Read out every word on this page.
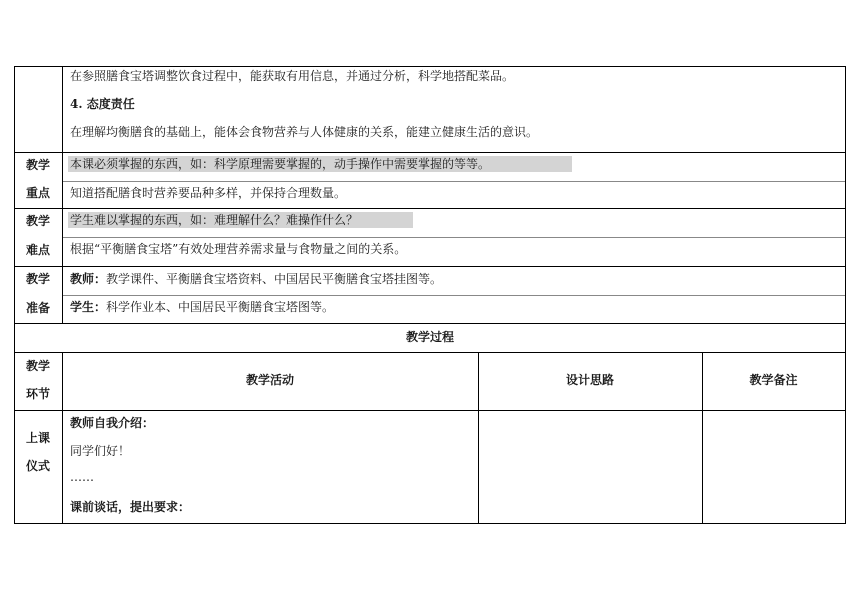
在参照膳食宝塔调整饮食过程中，能获取有用信息，并通过分析，科学地搭配菜品。
4. 态度责任
在理解均衡膳食的基础上，能体会食物营养与人体健康的关系，能建立健康生活的意识。
教学
重点
本课必须掌握的东西，如：科学原理需要掌握的，动手操作中需要掌握的等等。
知道搭配膳食时营养要品种多样，并保持合理数量。
教学
难点
学生难以掌握的东西，如：难理解什么？难操作什么？
根据“平衡膳食宝塔”有效处理营养需求量与食物量之间的关系。
教学
准备
教师：教学课件、平衡膳食宝塔资料、中国居民平衡膳食宝塔挂图等。
学生：科学作业本、中国居民平衡膳食宝塔图等。
教学过程
教学
环节
教学活动	设计思路	教学备注
上课
仪式
教师自我介绍：
同学们好！
……
课前谈话，提出要求：
